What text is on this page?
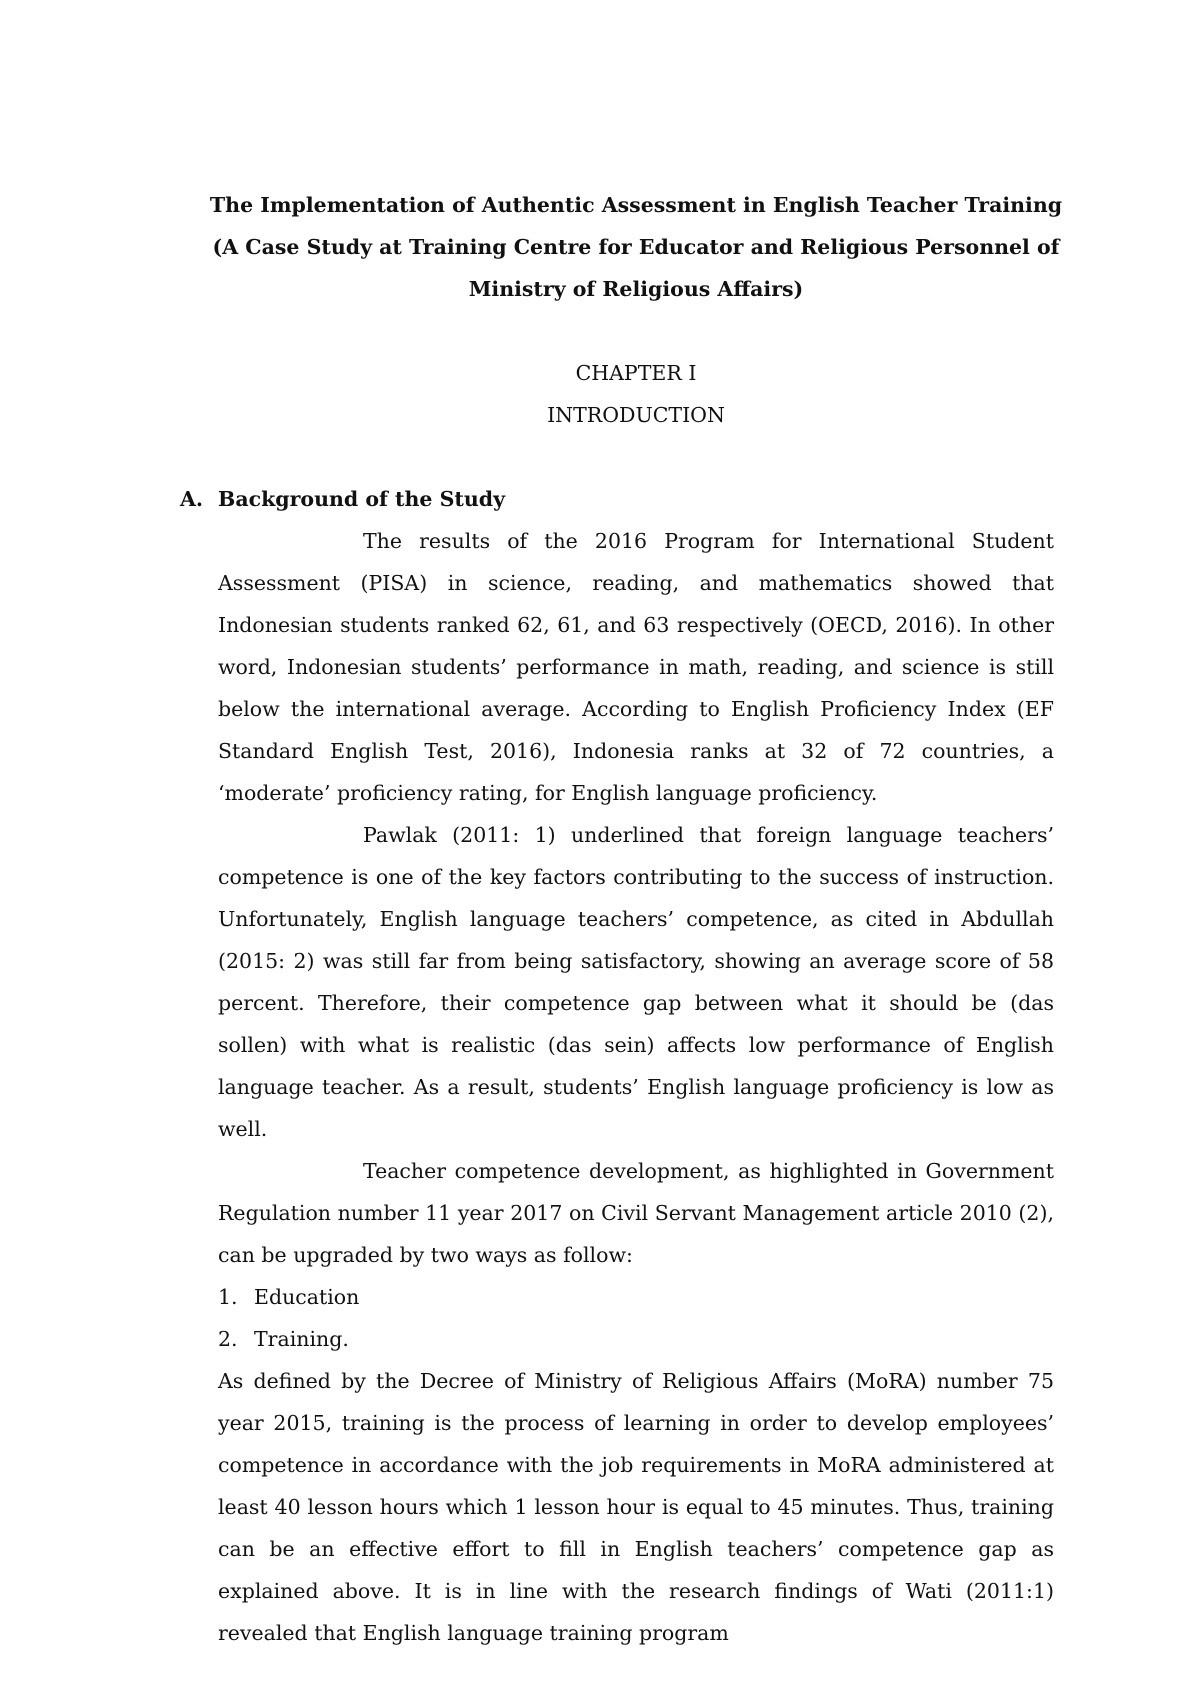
The Implementation of Authentic Assessment in English Teacher Training
(A Case Study at Training Centre for Educator and Religious Personnel of
Ministry of Religious Affairs)
CHAPTER I
INTRODUCTION
A. Background of the Study

The results of the 2016 Program for International Student Assessment (PISA) in science, reading, and mathematics showed that Indonesian students ranked 62, 61, and 63 respectively (OECD, 2016). In other word, Indonesian students’ performance in math, reading, and science is still below the international average. According to English Proficiency Index (EF Standard English Test, 2016), Indonesia ranks at 32 of 72 countries, a ‘moderate’ proficiency rating, for English language proficiency.

Pawlak (2011: 1) underlined that foreign language teachers’ competence is one of the key factors contributing to the success of instruction. Unfortunately, English language teachers’ competence, as cited in Abdullah (2015: 2) was still far from being satisfactory, showing an average score of 58 percent. Therefore, their competence gap between what it should be (das sollen) with what is realistic (das sein) affects low performance of English language teacher. As a result, students’ English language proficiency is low as well.

Teacher competence development, as highlighted in Government Regulation number 11 year 2017 on Civil Servant Management article 2010 (2), can be upgraded by two ways as follow:

1. Education
2. Training.

As defined by the Decree of Ministry of Religious Affairs (MoRA) number 75 year 2015, training is the process of learning in order to develop employees’ competence in accordance with the job requirements in MoRA administered at least 40 lesson hours which 1 lesson hour is equal to 45 minutes. Thus, training can be an effective effort to fill in English teachers’ competence gap as explained above. It is in line with the research findings of Wati (2011:1) revealed that English language training program
